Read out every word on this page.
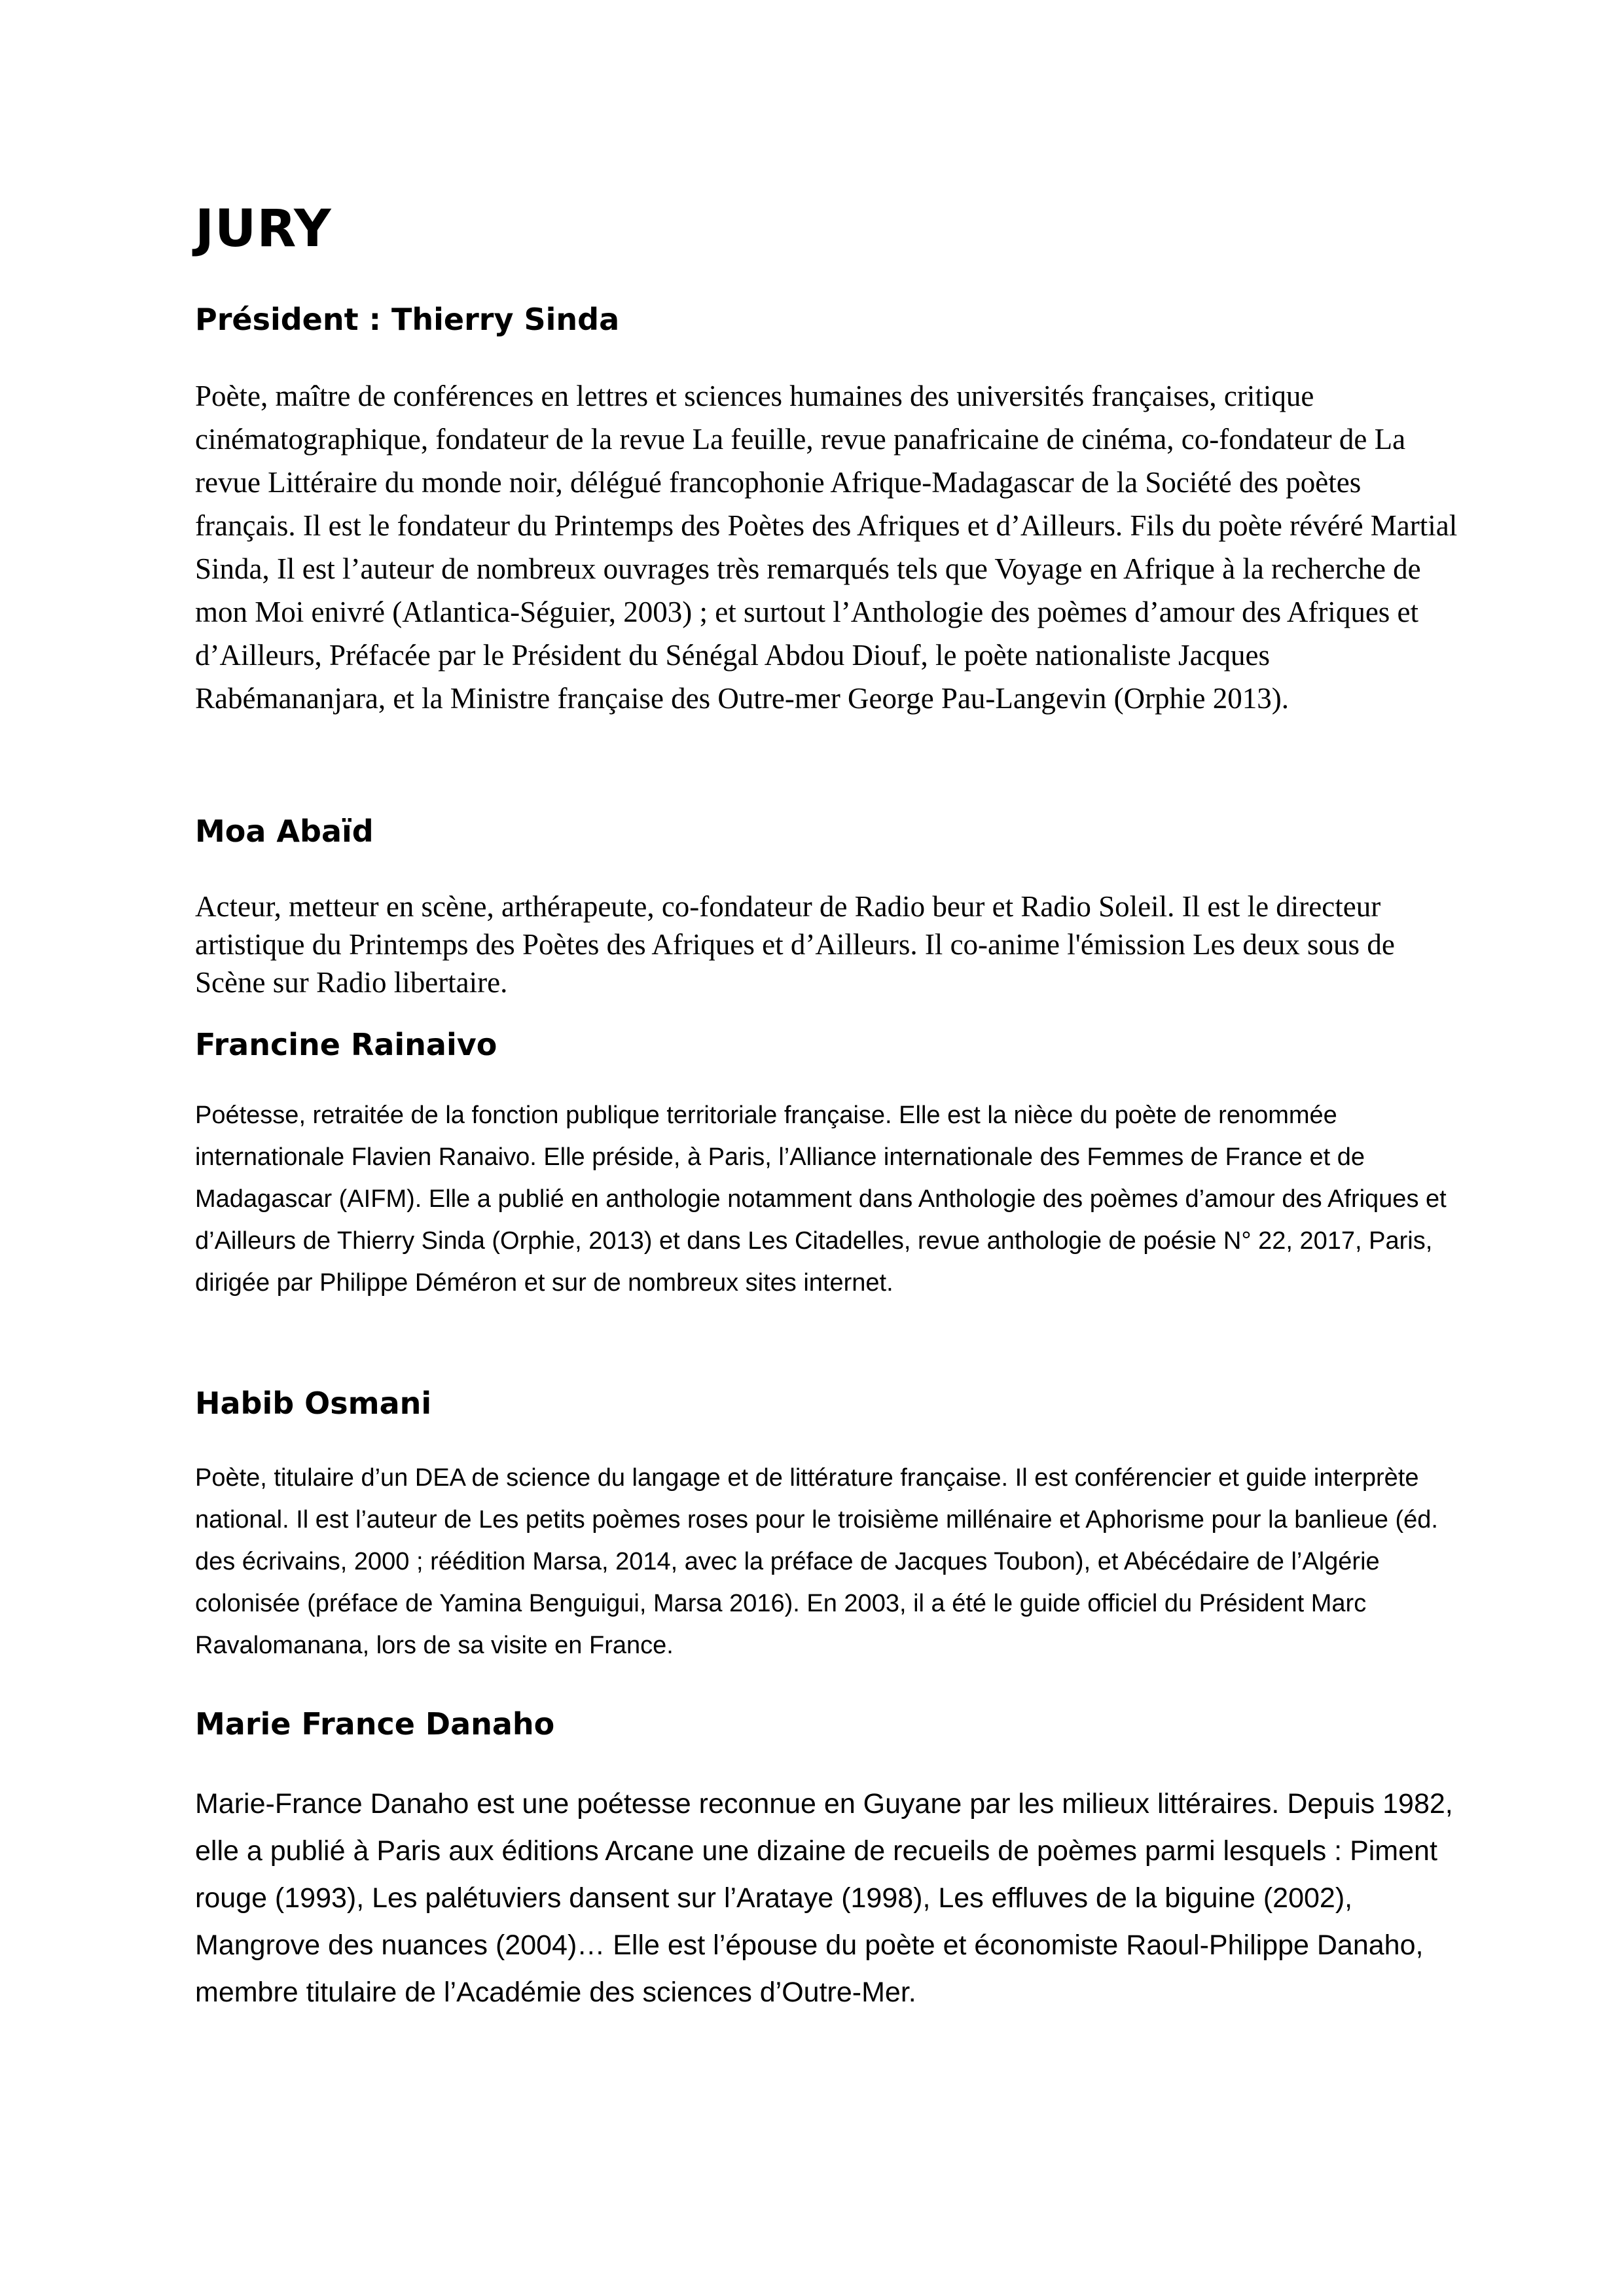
JURY
Président : Thierry Sinda

Poète, maître de conférences en lettres et sciences humaines des universités françaises, critique cinématographique, fondateur de la revue La feuille, revue panafricaine de cinéma, co-fondateur de La revue Littéraire du monde noir, délégué francophonie Afrique-Madagascar de la Société des poètes français. Il est le fondateur du Printemps des Poètes des Afriques et d’Ailleurs. Fils du poète révéré Martial Sinda, Il est l’auteur de nombreux ouvrages très remarqués tels que Voyage en Afrique à la recherche de mon Moi enivré (Atlantica-Séguier, 2003) ; et surtout l’Anthologie des poèmes d’amour des Afriques et d’Ailleurs, Préfacée par le Président du Sénégal Abdou Diouf, le poète nationaliste Jacques Rabémananjara, et la Ministre française des Outre-mer George Pau-Langevin (Orphie 2013).

Moa Abaïd

Acteur, metteur en scène, arthérapeute, co-fondateur de Radio beur et Radio Soleil. Il est le directeur artistique du Printemps des Poètes des Afriques et d’Ailleurs. Il co-anime l'émission Les deux sous de Scène sur Radio libertaire.

Francine Rainaivo

Poétesse, retraitée de la fonction publique territoriale française. Elle est la nièce du poète de renommée internationale Flavien Ranaivo. Elle préside, à Paris, l’Alliance internationale des Femmes de France et de Madagascar (AIFM). Elle a publié en anthologie notamment dans Anthologie des poèmes d’amour des Afriques et d’Ailleurs de Thierry Sinda (Orphie, 2013) et dans Les Citadelles, revue anthologie de poésie N° 22, 2017, Paris, dirigée par Philippe Déméron et sur de nombreux sites internet.

Habib Osmani

Poète, titulaire d’un DEA de science du langage et de littérature française. Il est conférencier et guide interprète national. Il est l’auteur de Les petits poèmes roses pour le troisième millénaire et Aphorisme pour la banlieue (éd. des écrivains, 2000 ; réédition Marsa, 2014, avec la préface de Jacques Toubon), et Abécédaire de l’Algérie colonisée (préface de Yamina Benguigui, Marsa 2016). En 2003, il a été le guide officiel du Président Marc Ravalomanana, lors de sa visite en France.

Marie France Danaho

Marie-France Danaho est une poétesse reconnue en Guyane par les milieux littéraires. Depuis 1982, elle a publié à Paris aux éditions Arcane une dizaine de recueils de poèmes parmi lesquels : Piment rouge (1993), Les palétuviers dansent sur l’Arataye (1998), Les effluves de la biguine (2002), Mangrove des nuances (2004)… Elle est l’épouse du poète et économiste Raoul-Philippe Danaho, membre titulaire de l’Académie des sciences d’Outre-Mer.
